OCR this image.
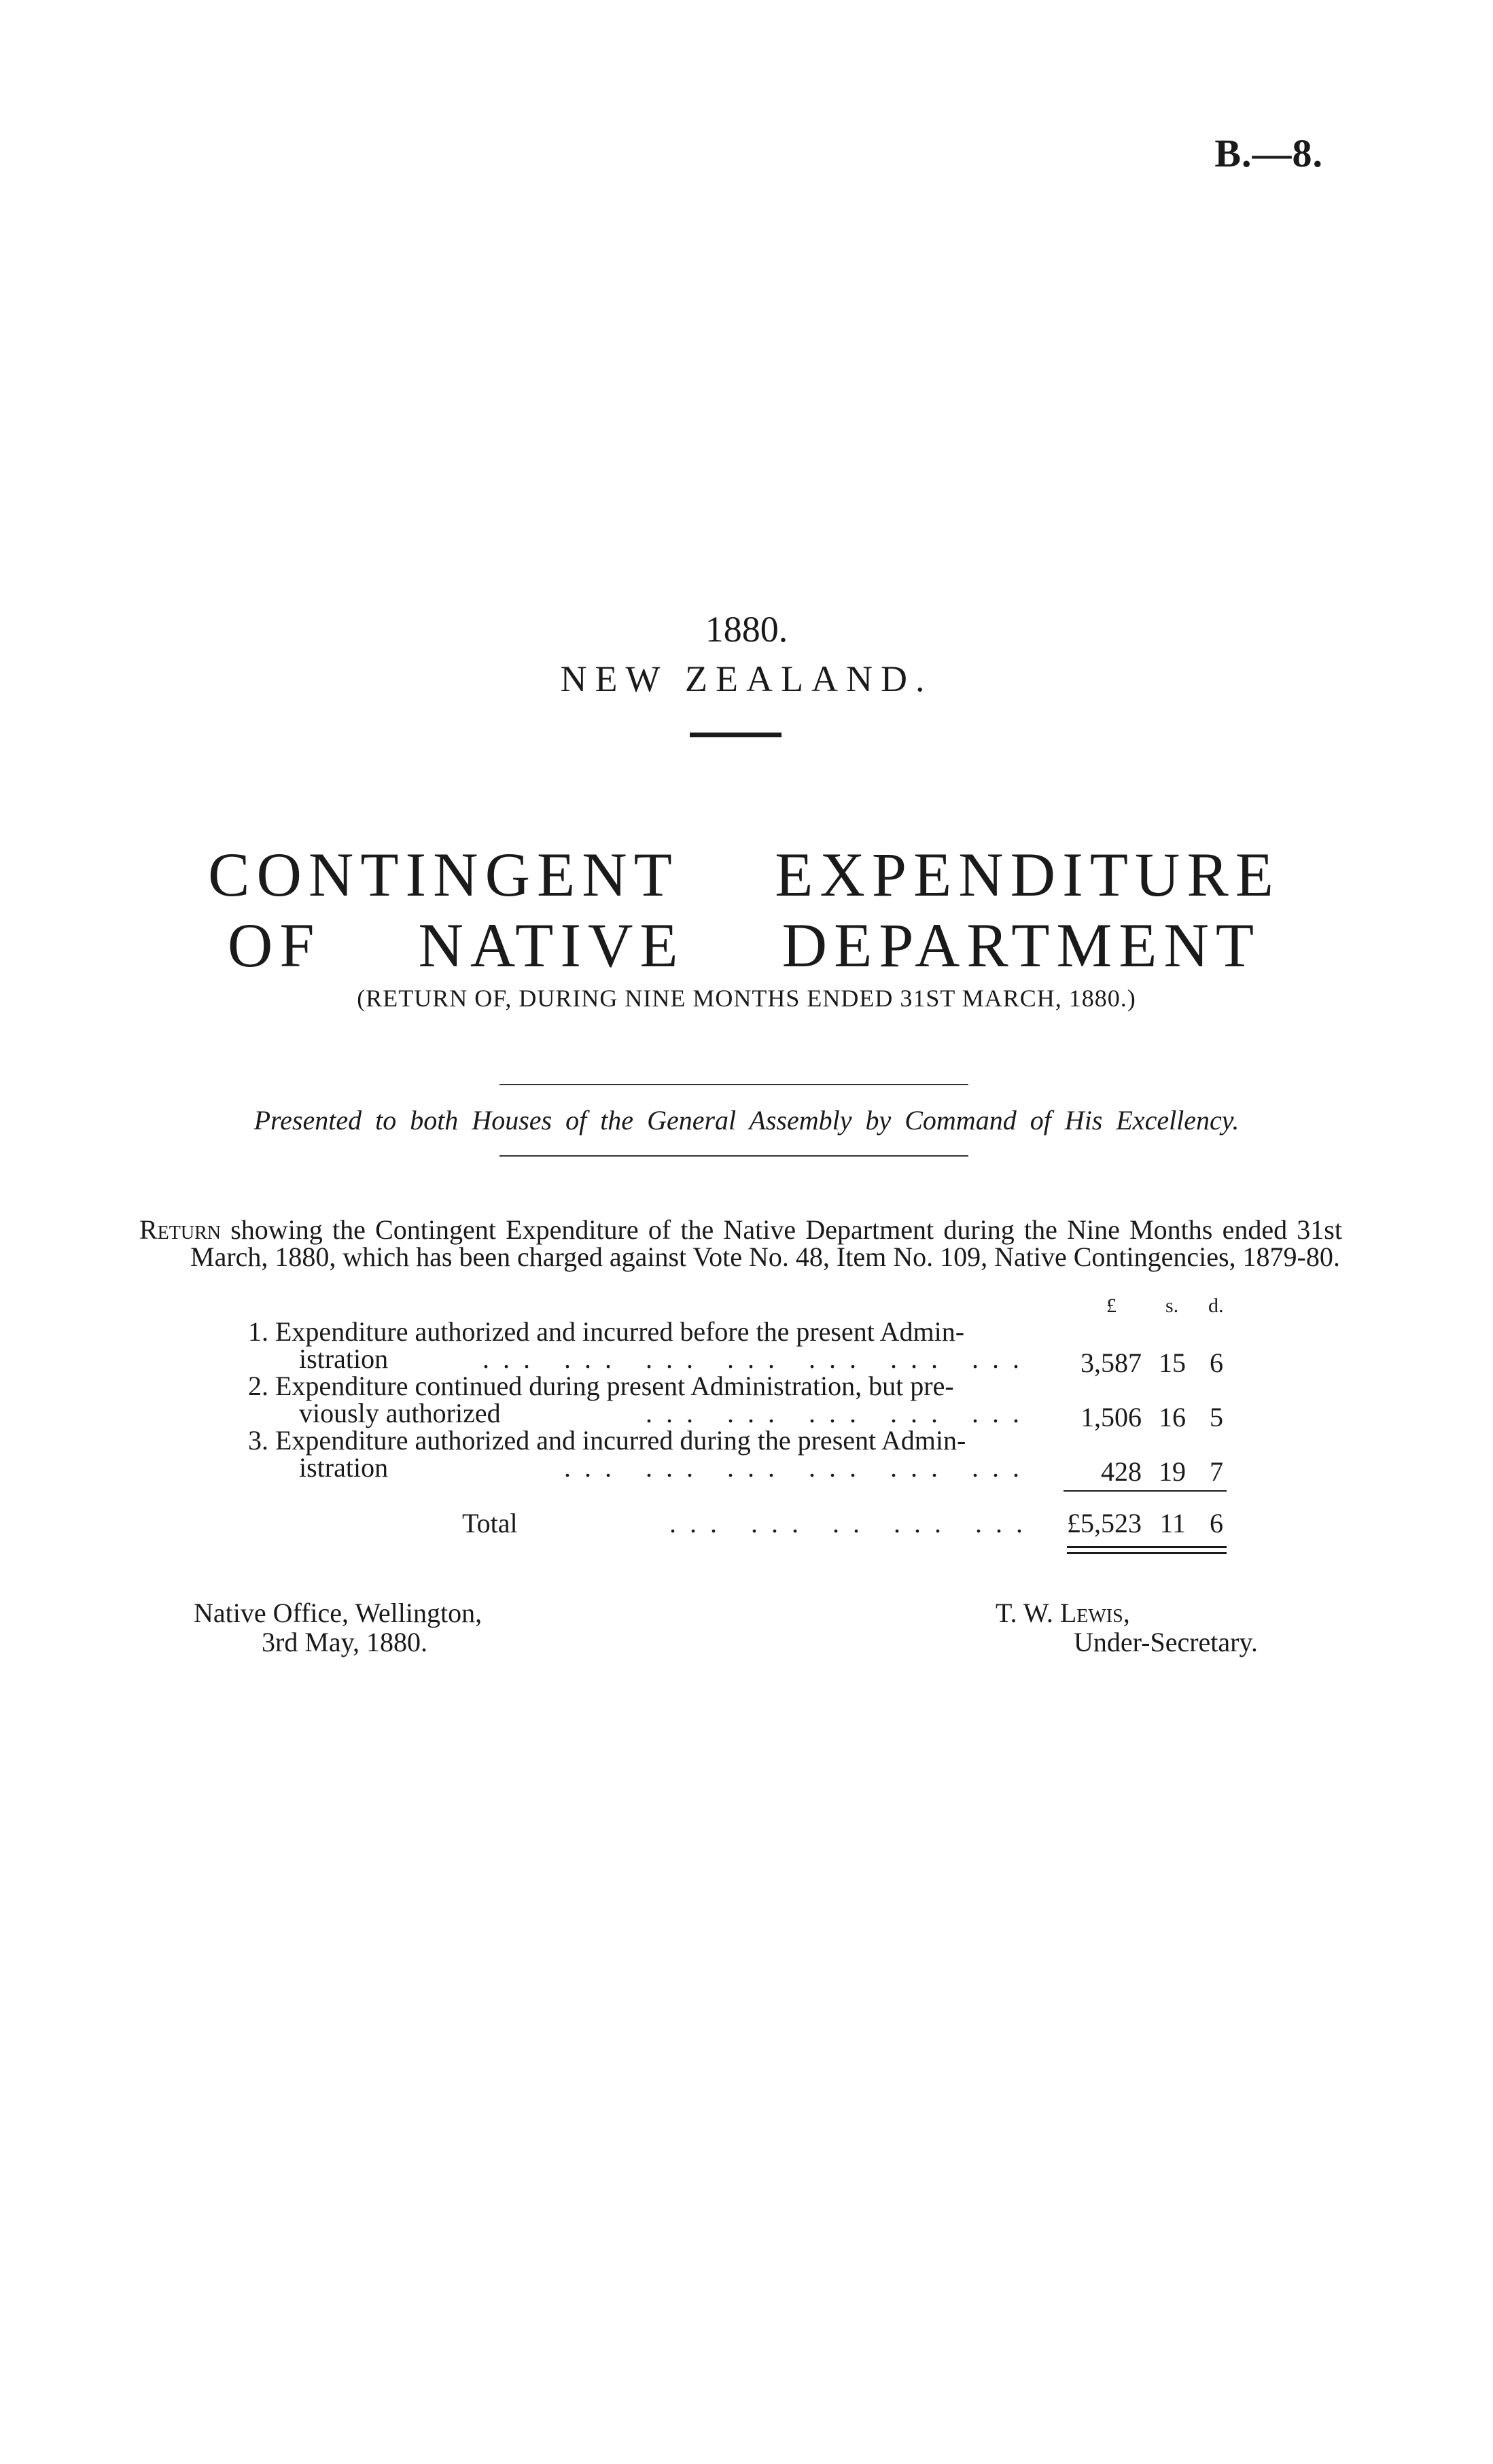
B.—8.
1880.
NEW ZEALAND.
CONTINGENT EXPENDITURE OF NATIVE DEPARTMENT
(RETURN OF, DURING NINE MONTHS ENDED 31ST MARCH, 1880.)
Presented to both Houses of the General Assembly by Command of His Excellency.

Return showing the Contingent Expenditure of the Native Department during the Nine Months ended 31st March, 1880, which has been charged against Vote No. 48, Item No. 109, Native Contingencies, 1879-80.

£ s. d.
1. Expenditure authorized and incurred before the present Admin-
istration	... ... ... ... ... ... ...	3,587 15 6
2. Expenditure continued during present Administration, but pre-
viously authorized	... ... ... ... ...	1,506 16 5
3. Expenditure authorized and incurred during the present Admin-
istration	... ... ... ... ... ...	428 19 7
Total	... ... .. ... ...	£5,523 11 6
Native Office, Wellington,
3rd May, 1880.
T. W. Lewis,
Under-Secretary.
